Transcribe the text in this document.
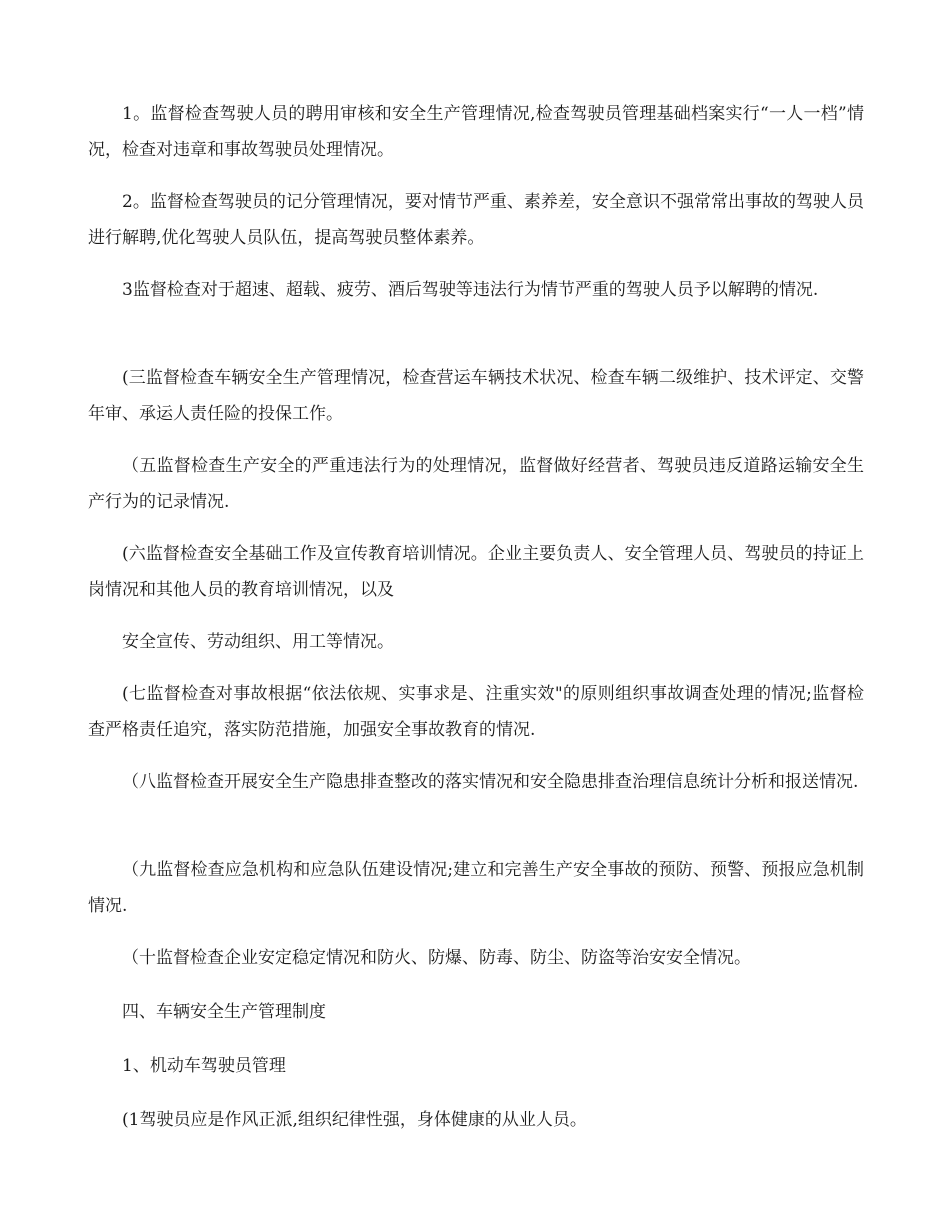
1。监督检查驾驶人员的聘用审核和安全生产管理情况,检查驾驶员管理基础档案实行“一人一档”情况，检查对违章和事故驾驶员处理情况。

2。监督检查驾驶员的记分管理情况，要对情节严重、素养差，安全意识不强常常出事故的驾驶人员进行解聘,优化驾驶人员队伍，提高驾驶员整体素养。

3监督检查对于超速、超载、疲劳、酒后驾驶等违法行为情节严重的驾驶人员予以解聘的情况.

(三监督检查车辆安全生产管理情况，检查营运车辆技术状况、检查车辆二级维护、技术评定、交警年审、承运人责任险的投保工作。

（五监督检查生产安全的严重违法行为的处理情况，监督做好经营者、驾驶员违反道路运输安全生产行为的记录情况.

(六监督检查安全基础工作及宣传教育培训情况。企业主要负责人、安全管理人员、驾驶员的持证上岗情况和其他人员的教育培训情况，以及

安全宣传、劳动组织、用工等情况。

(七监督检查对事故根据“依法依规、实事求是、注重实效"的原则组织事故调查处理的情况;监督检查严格责任追究，落实防范措施，加强安全事故教育的情况.

（八监督检查开展安全生产隐患排查整改的落实情况和安全隐患排查治理信息统计分析和报送情况.

（九监督检查应急机构和应急队伍建设情况;建立和完善生产安全事故的预防、预警、预报应急机制情况.

（十监督检查企业安定稳定情况和防火、防爆、防毒、防尘、防盗等治安安全情况。

四、车辆安全生产管理制度

1、机动车驾驶员管理

(1驾驶员应是作风正派,组织纪律性强，身体健康的从业人员。
